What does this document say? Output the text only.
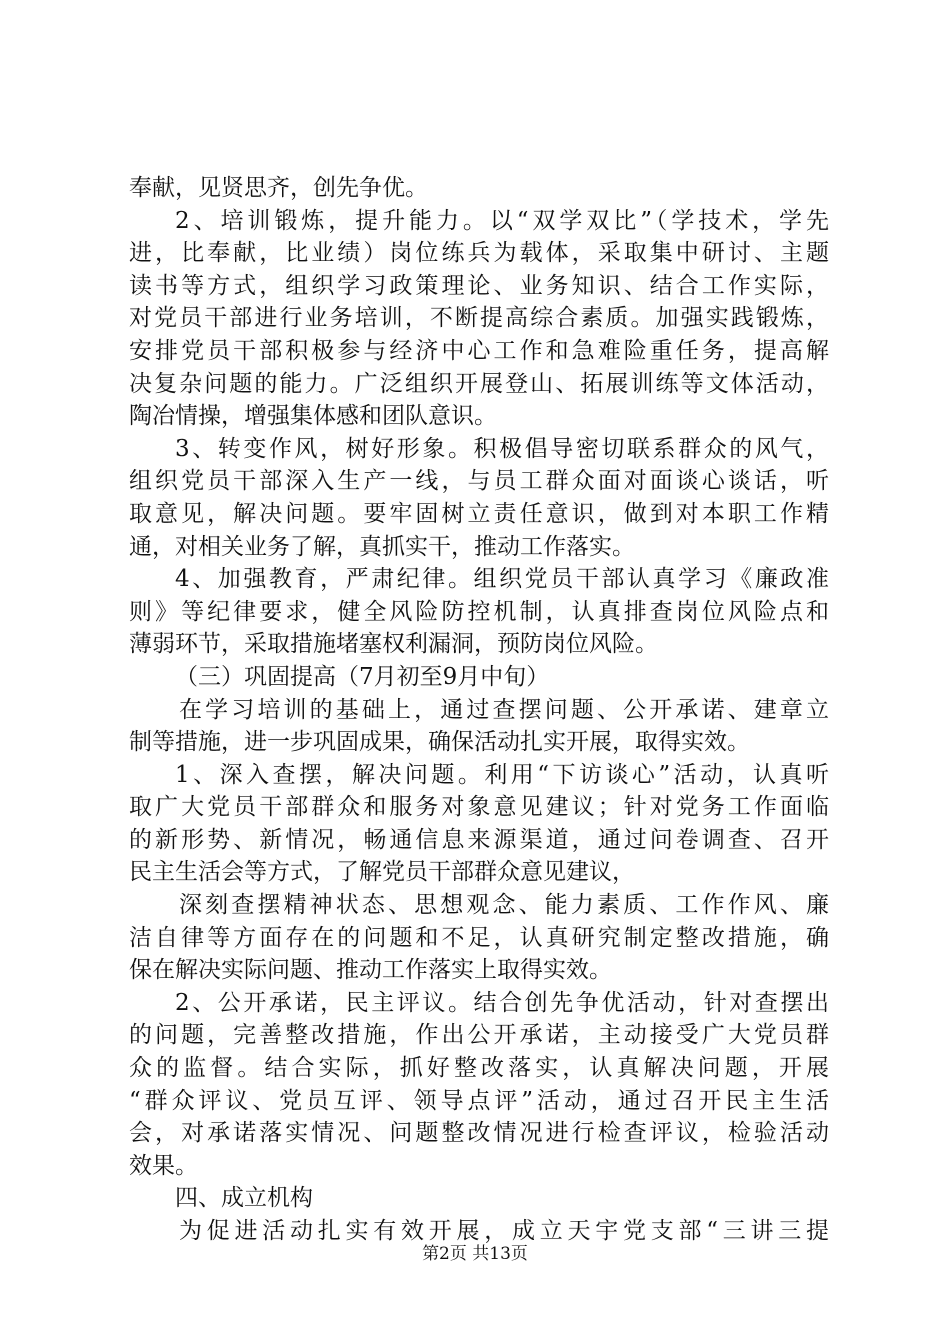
奉献，见贤思齐，创先争优。
2、培训锻炼，提升能力。以“双学双比”（学技术，学先
进，比奉献，比业绩）岗位练兵为载体，采取集中研讨、主题
读书等方式，组织学习政策理论、业务知识、结合工作实际，
对党员干部进行业务培训，不断提高综合素质。加强实践锻炼，
安排党员干部积极参与经济中心工作和急难险重任务，提高解
决复杂问题的能力。广泛组织开展登山、拓展训练等文体活动，
陶冶情操，增强集体感和团队意识。
3、转变作风，树好形象。积极倡导密切联系群众的风气，
组织党员干部深入生产一线，与员工群众面对面谈心谈话，听
取意见，解决问题。要牢固树立责任意识，做到对本职工作精
通，对相关业务了解，真抓实干，推动工作落实。
4、加强教育，严肃纪律。组织党员干部认真学习《廉政准
则》等纪律要求，健全风险防控机制，认真排查岗位风险点和
薄弱环节，采取措施堵塞权利漏洞，预防岗位风险。
（三）巩固提高（7月初至9月中旬）
在学习培训的基础上，通过查摆问题、公开承诺、建章立
制等措施，进一步巩固成果，确保活动扎实开展，取得实效。
1、深入查摆，解决问题。利用“下访谈心”活动，认真听
取广大党员干部群众和服务对象意见建议；针对党务工作面临
的新形势、新情况，畅通信息来源渠道，通过问卷调查、召开
民主生活会等方式，了解党员干部群众意见建议，
深刻查摆精神状态、思想观念、能力素质、工作作风、廉
洁自律等方面存在的问题和不足，认真研究制定整改措施，确
保在解决实际问题、推动工作落实上取得实效。
2、公开承诺，民主评议。结合创先争优活动，针对查摆出
的问题，完善整改措施，作出公开承诺，主动接受广大党员群
众的监督。结合实际，抓好整改落实，认真解决问题，开展
“群众评议、党员互评、领导点评”活动，通过召开民主生活
会，对承诺落实情况、问题整改情况进行检查评议，检验活动
效果。
四、成立机构
为促进活动扎实有效开展，成立天宇党支部“三讲三提
第2页 共13页
